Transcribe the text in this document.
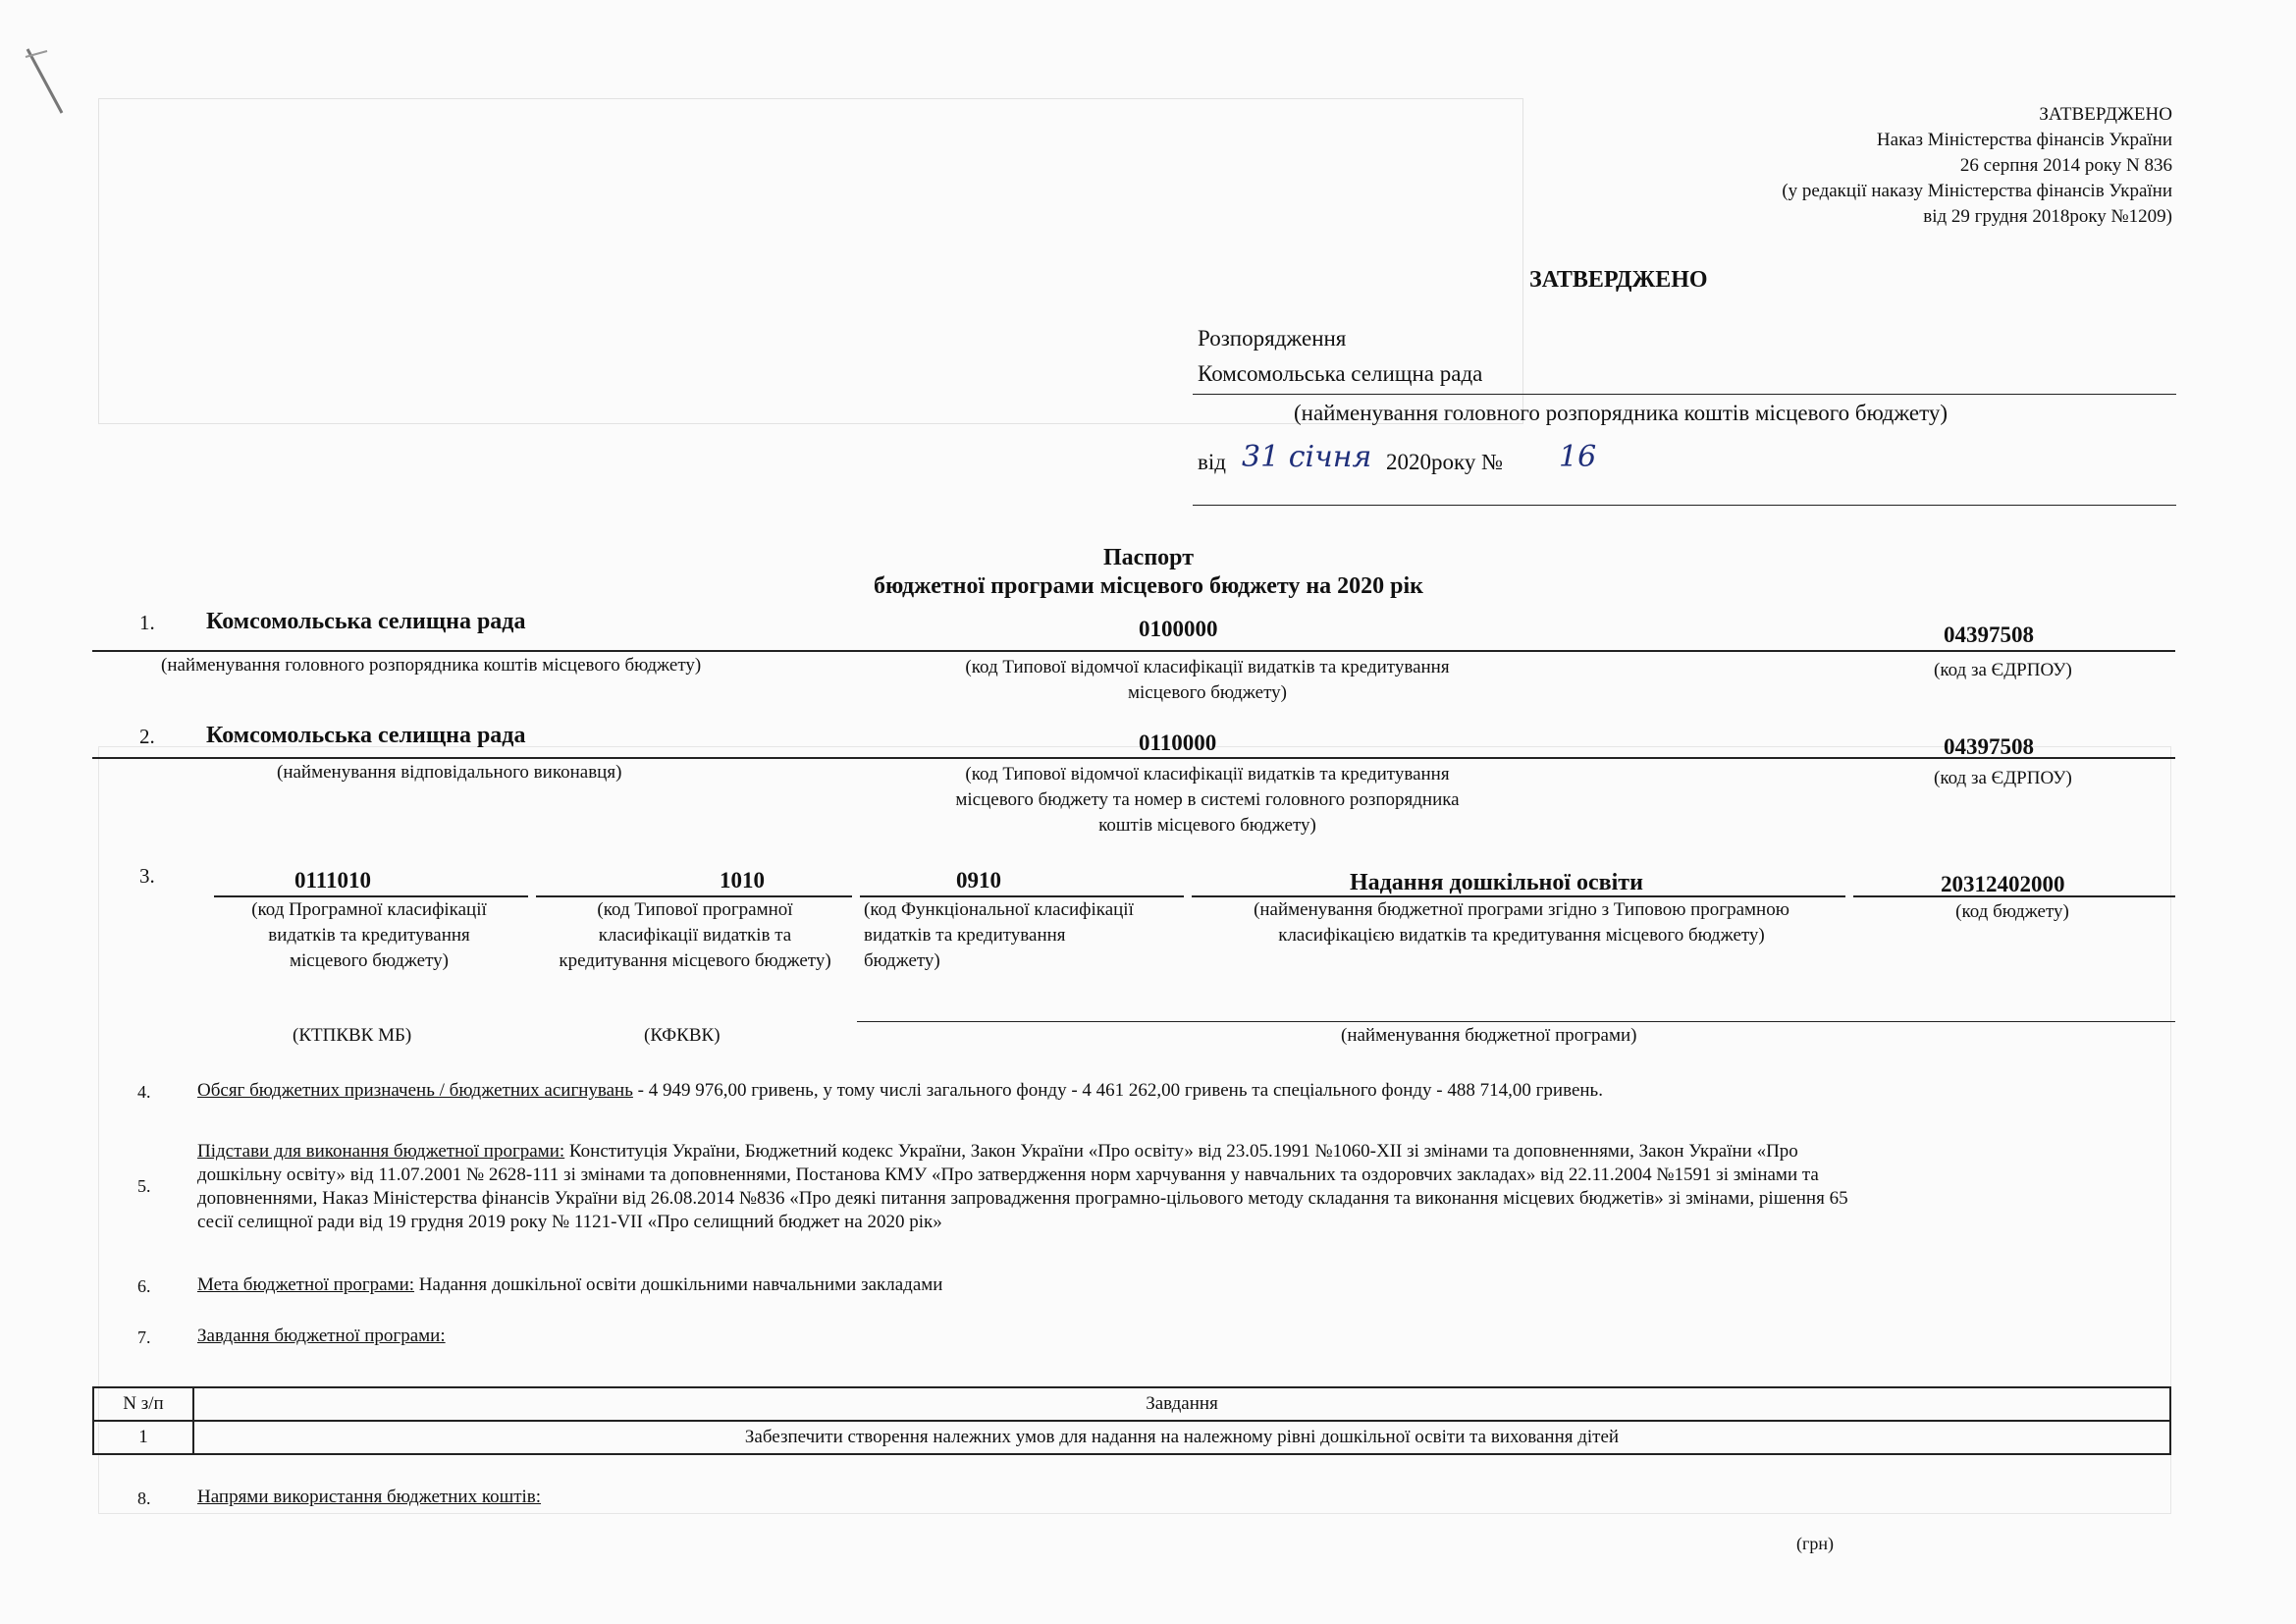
ЗАТВЕРДЖЕНО
Наказ Міністерства фінансів України
26 серпня 2014 року N 836
(у редакції наказу Міністерства фінансів України
від 29 грудня 2018року №1209)
ЗАТВЕРДЖЕНО
Розпорядження
Комсомольська селищна рада
(найменування головного розпорядника коштів місцевого бюджету)
від 31 січня 2020року № 16
Паспорт
бюджетної програми місцевого бюджету на 2020 рік
1. Комсомольська селищна рада	0100000	04397508
(найменування головного розпорядника коштів місцевого бюджету)	(код Типової відомчої класифікації видатків та кредитування
місцевого бюджету)
(код за ЄДРПОУ)
2. Комсомольська селищна рада	0110000	04397508
(найменування відповідального виконавця)	(код Типової відомчої класифікації видатків та кредитування
місцевого бюджету та номер в системі головного розпорядника
коштів місцевого бюджету)
(код за ЄДРПОУ)
3.	0111010	1010	0910	Надання дошкільної освіти	20312402000
(код Програмної класифікації
видатків та кредитування
місцевого бюджету)
(код Типової програмної
класифікації видатків та
кредитування місцевого бюджету)
(код Функціональної класифікації
видатків та кредитування
бюджету)
(найменування бюджетної програми згідно з Типовою програмною
класифікацією видатків та кредитування місцевого бюджету)
(код бюджету)
(КТПКВК МБ)	(КФКВК)	(найменування бюджетної програми)
4.	Обсяг бюджетних призначень / бюджетних асигнувань - 4 949 976,00 гривень, у тому числі загального фонду - 4 461 262,00 гривень та спеціального фонду - 488 714,00 гривень.
5.
Підстави для виконання бюджетної програми: Конституція України, Бюджетний кодекс України, Закон України «Про освіту» від 23.05.1991 №1060-ХІІ зі змінами та доповненнями, Закон України «Про
дошкільну освіту» від 11.07.2001 № 2628-111 зі змінами та доповненнями, Постанова КМУ «Про затвердження норм харчування у навчальних та оздоровчих закладах» від 22.11.2004 №1591 зі змінами та
доповненнями, Наказ Міністерства фінансів України від 26.08.2014 №836 «Про деякі питання запровадження програмно-цільового методу складання та виконання місцевих бюджетів» зі змінами, рішення 65
сесії селищної ради від 19 грудня 2019 року № 1121-VII «Про селищний бюджет на 2020 рік»
6.	Мета бюджетної програми: Надання дошкільної освіти дошкільними навчальними закладами
7.	Завдання бюджетної програми:
N з/п	Завдання
1	Забезпечити створення належних умов для надання на належному рівні дошкільної освіти та виховання дітей
8.	Напрями використання бюджетних коштів:
(грн)
